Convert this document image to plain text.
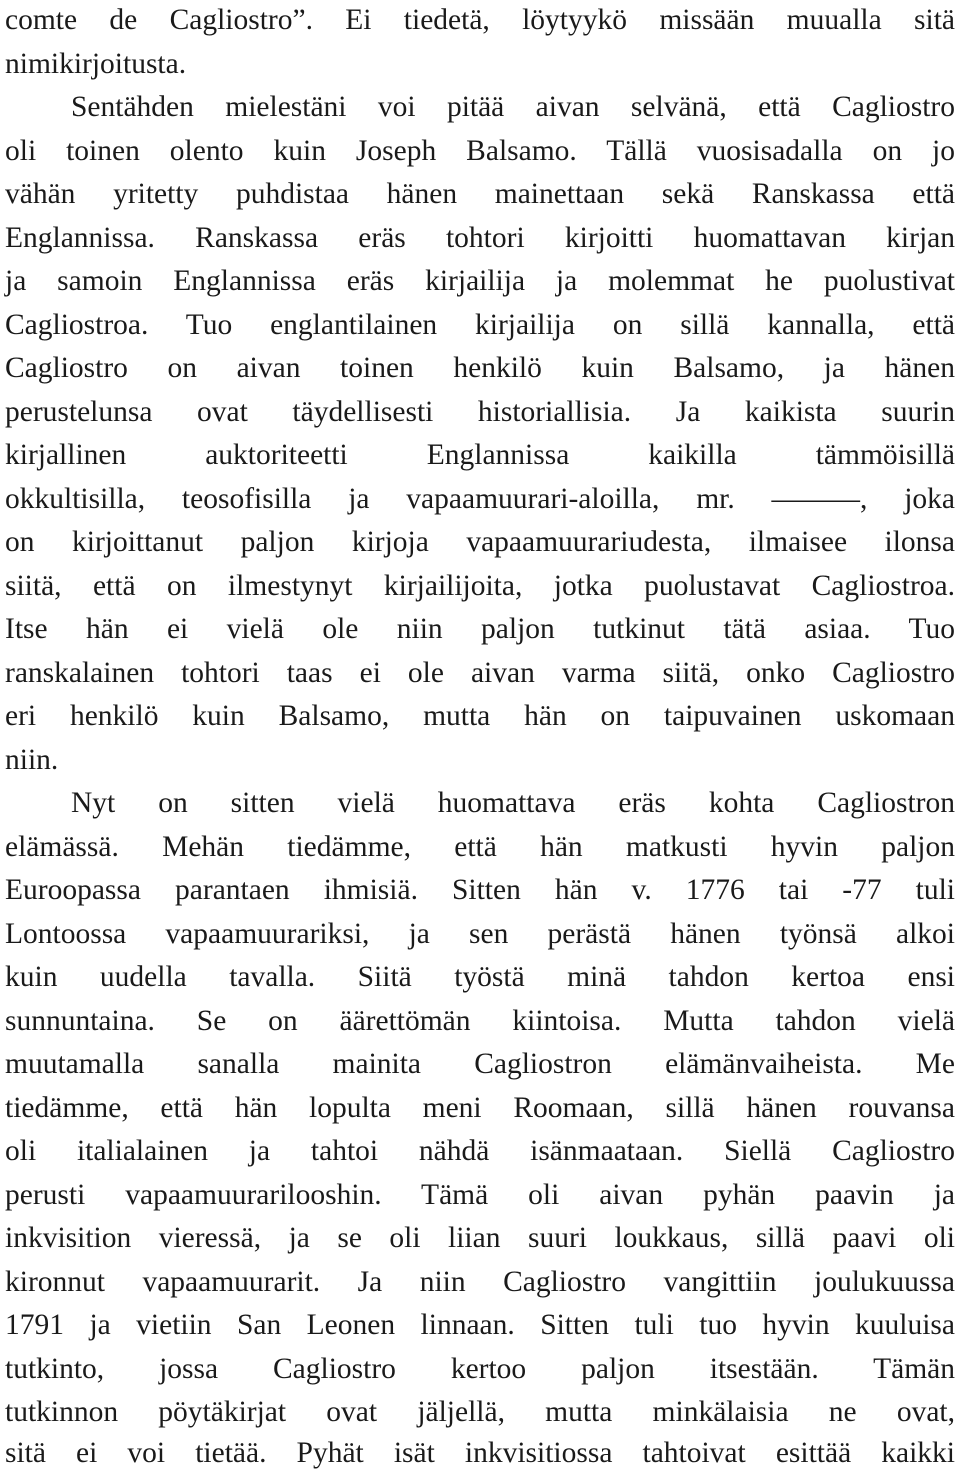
comte de Cagliostro”. Ei tiedetä, löytyykö missään muualla sitä
nimikirjoitusta.
Sentähden mielestäni voi pitää aivan selvänä, että Cagliostro
oli toinen olento kuin Joseph Balsamo. Tällä vuosisadalla on jo
vähän yritetty puhdistaa hänen mainettaan sekä Ranskassa että
Englannissa. Ranskassa eräs tohtori kirjoitti huomattavan kirjan
ja samoin Englannissa eräs kirjailija ja molemmat he puolustivat
Cagliostroa. Tuo englantilainen kirjailija on sillä kannalla, että
Cagliostro on aivan toinen henkilö kuin Balsamo, ja hänen
perustelunsa ovat täydellisesti historiallisia. Ja kaikista suurin
kirjallinen auktoriteetti Englannissa kaikilla tämmöisillä
okkultisilla, teosofisilla ja vapaamuurari-aloilla, mr. ———, joka
on kirjoittanut paljon kirjoja vapaamuurariudesta, ilmaisee ilonsa
siitä, että on ilmestynyt kirjailijoita, jotka puolustavat Cagliostroa.
Itse hän ei vielä ole niin paljon tutkinut tätä asiaa. Tuo
ranskalainen tohtori taas ei ole aivan varma siitä, onko Cagliostro
eri henkilö kuin Balsamo, mutta hän on taipuvainen uskomaan
niin.
Nyt on sitten vielä huomattava eräs kohta Cagliostron
elämässä. Mehän tiedämme, että hän matkusti hyvin paljon
Euroopassa parantaen ihmisiä. Sitten hän v. 1776 tai -77 tuli
Lontoossa vapaamuurariksi, ja sen perästä hänen työnsä alkoi
kuin uudella tavalla. Siitä työstä minä tahdon kertoa ensi
sunnuntaina. Se on äärettömän kiintoisa. Mutta tahdon vielä
muutamalla sanalla mainita Cagliostron elämänvaiheista. Me
tiedämme, että hän lopulta meni Roomaan, sillä hänen rouvansa
oli italialainen ja tahtoi nähdä isänmaataan. Siellä Cagliostro
perusti vapaamuurarilooshin. Tämä oli aivan pyhän paavin ja
inkvisition vieressä, ja se oli liian suuri loukkaus, sillä paavi oli
kironnut vapaamuurarit. Ja niin Cagliostro vangittiin joulukuussa
1791 ja vietiin San Leonen linnaan. Sitten tuli tuo hyvin kuuluisa
tutkinto, jossa Cagliostro kertoo paljon itsestään. Tämän
tutkinnon pöytäkirjat ovat jäljellä, mutta minkälaisia ne ovat,
sitä ei voi tietää. Pyhät isät inkvisitiossa tahtoivat esittää kaikki
